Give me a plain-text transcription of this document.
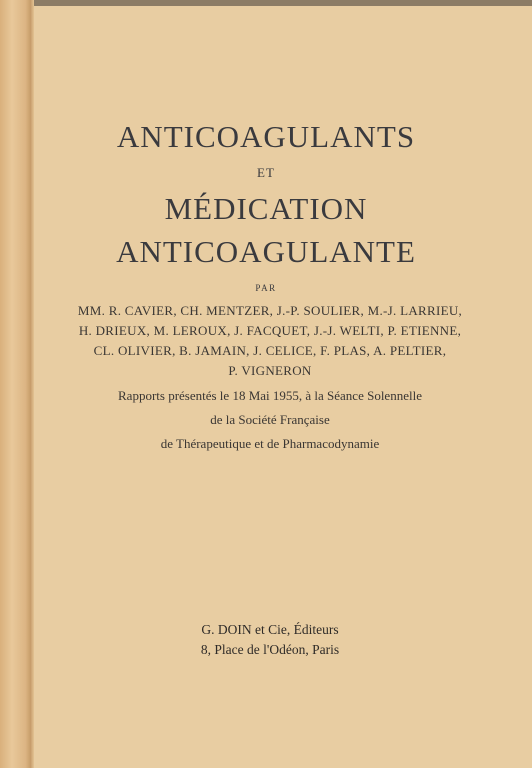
ANTICOAGULANTS

ET

MÉDICATION

ANTICOAGULANTE

PAR

MM. R. CAVIER, CH. MENTZER, J.-P. SOULIER, M.-J. LARRIEU,
H. DRIEUX, M. LEROUX, J. FACQUET, J.-J. WELTI, P. ETIENNE,
CL. OLIVIER, B. JAMAIN, J. CELICE, F. PLAS, A. PELTIER,
P. VIGNERON
Rapports présentés le 18 Mai 1955, à la Séance Solennelle
de la Société Française
de Thérapeutique et de Pharmacodynamie
G. DOIN et Cie, Éditeurs
8, Place de l'Odéon, Paris
